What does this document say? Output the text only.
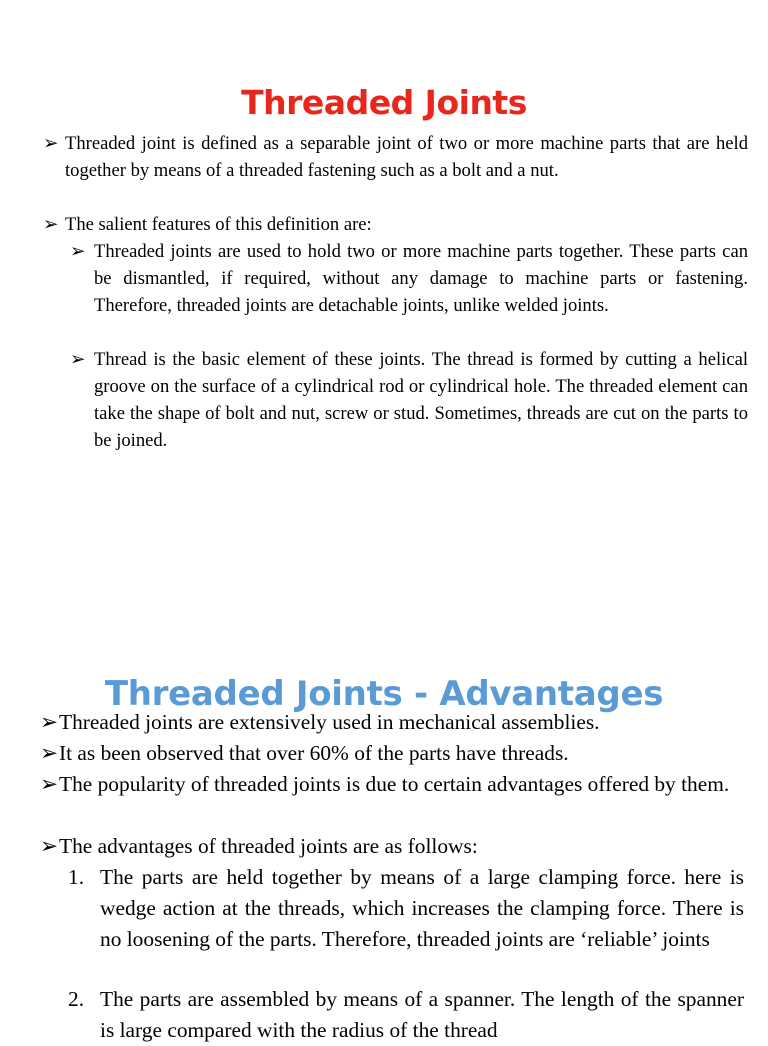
Threaded Joints
➢ Threaded joint is defined as a separable joint of two or more machine parts that are held together by means of a threaded fastening such as a bolt and a nut.
➢ The salient features of this definition are:
➢ Threaded joints are used to hold two or more machine parts together. These parts can be dismantled, if required, without any damage to machine parts or fastening. Therefore, threaded joints are detachable joints, unlike welded joints.
➢ Thread is the basic element of these joints. The thread is formed by cutting a helical groove on the surface of a cylindrical rod or cylindrical hole. The threaded element can take the shape of bolt and nut, screw or stud. Sometimes, threads are cut on the parts to be joined.
Threaded Joints - Advantages
➢ Threaded joints are extensively used in mechanical assemblies.
➢ It as been observed that over 60% of the parts have threads.
➢ The popularity of threaded joints is due to certain advantages offered by them.
➢ The advantages of threaded joints are as follows:
1. The parts are held together by means of a large clamping force. here is wedge action at the threads, which increases the clamping force. There is no loosening of the parts. Therefore, threaded joints are ‘reliable’ joints
2. The parts are assembled by means of a spanner. The length of the spanner is large compared with the radius of the thread
